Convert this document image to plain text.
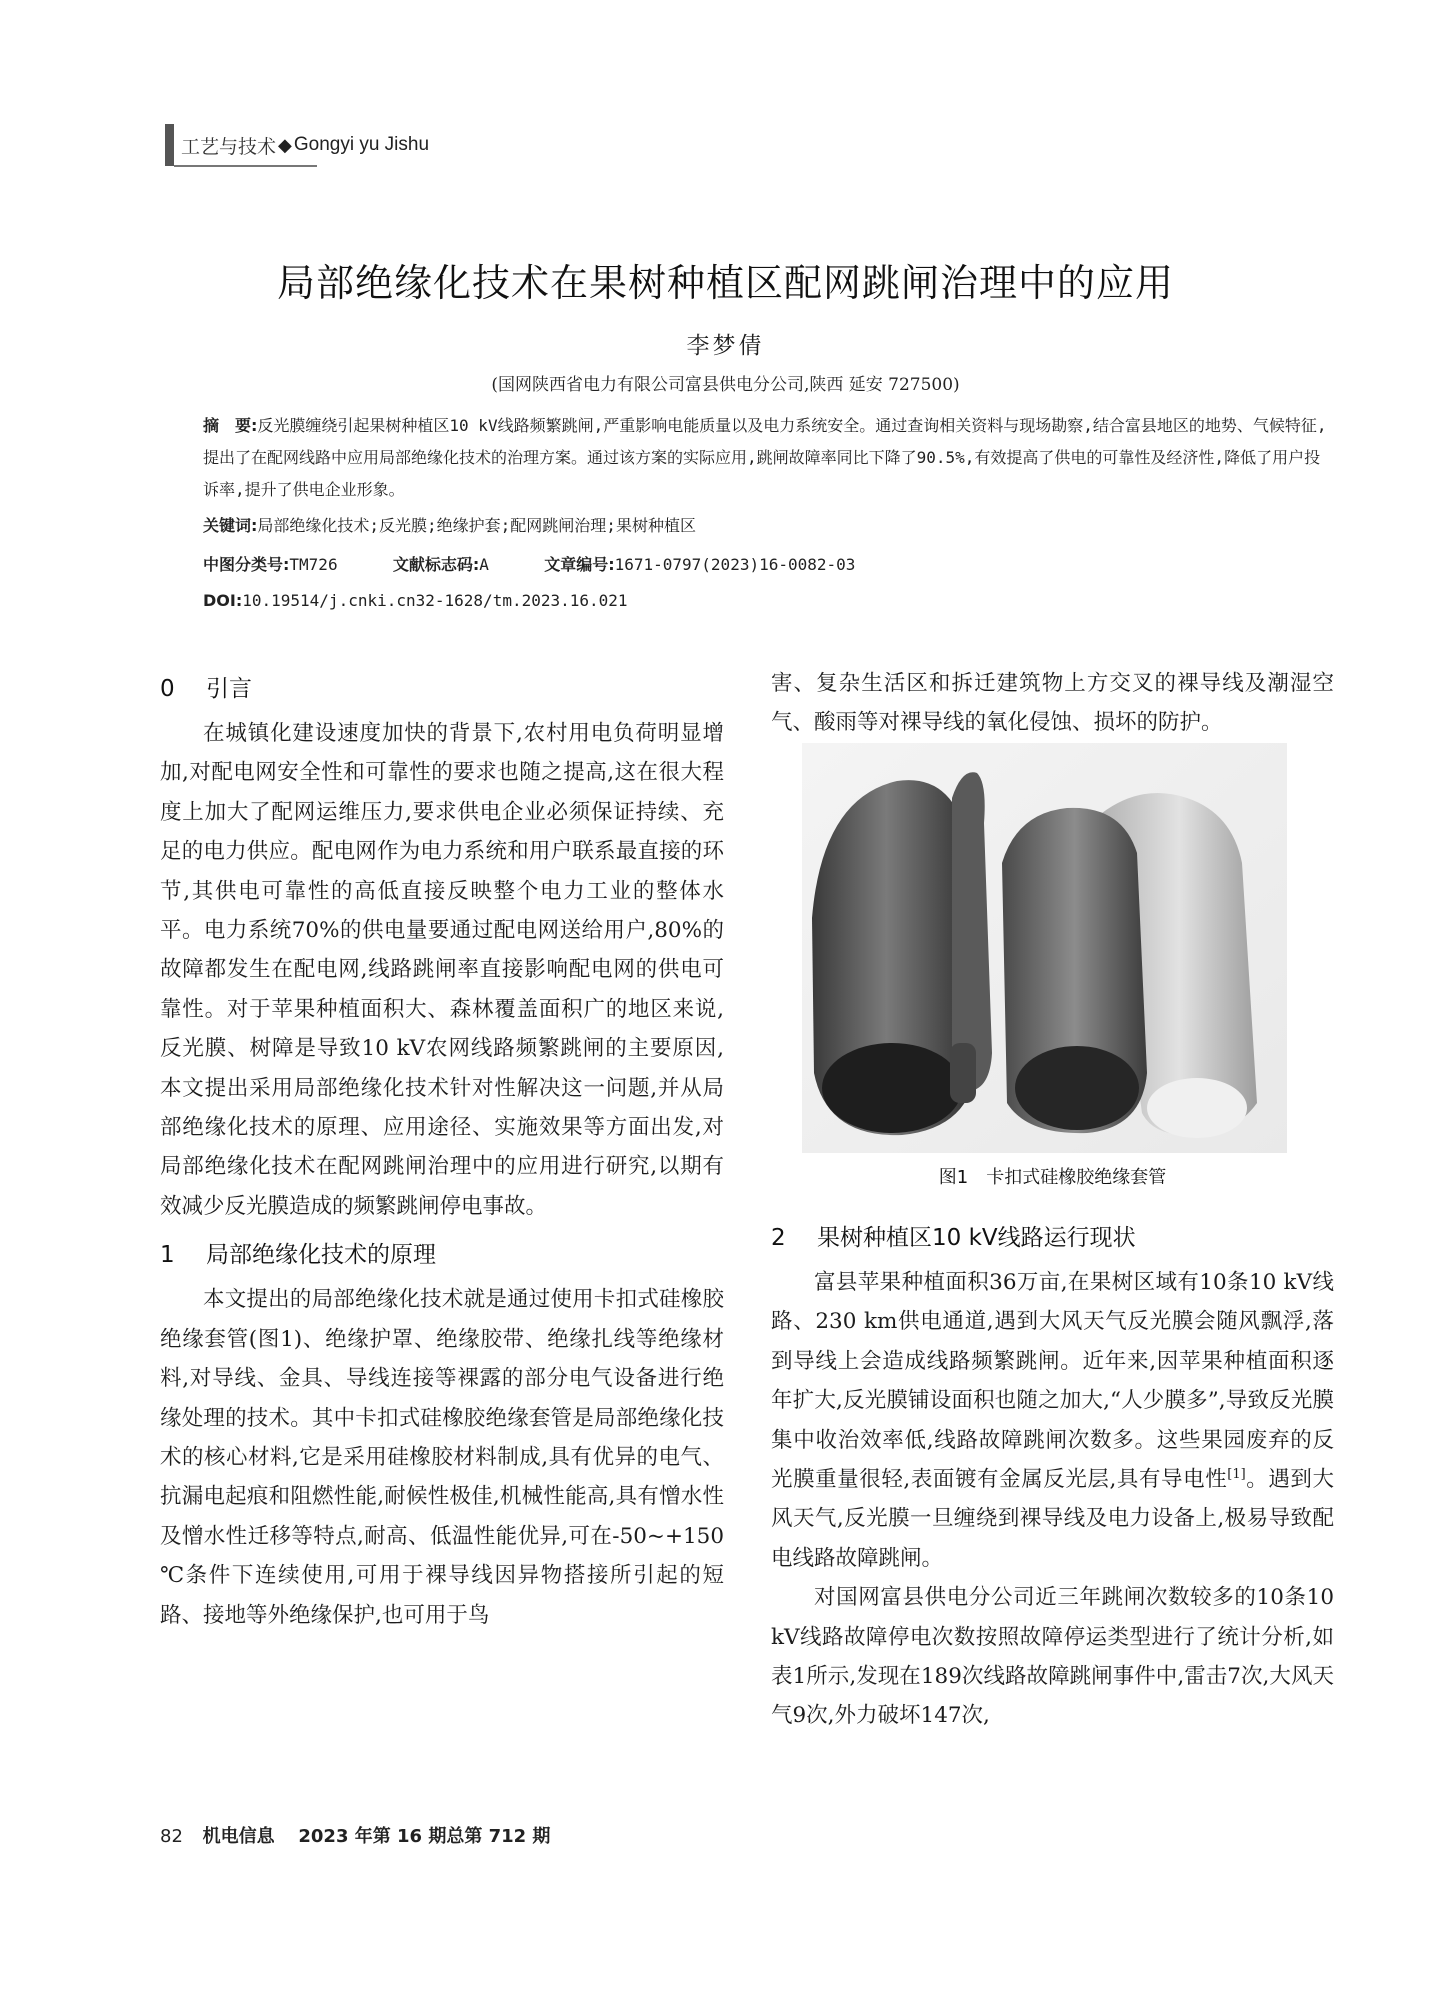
工艺与技术 ◆ Gongyi yu Jishu
局部绝缘化技术在果树种植区配网跳闸治理中的应用
李梦倩
(国网陕西省电力有限公司富县供电分公司,陕西 延安 727500)
摘　要:反光膜缠绕引起果树种植区10 kV线路频繁跳闸,严重影响电能质量以及电力系统安全。通过查询相关资料与现场勘察,结合富县地区的地势、气候特征,提出了在配网线路中应用局部绝缘化技术的治理方案。通过该方案的实际应用,跳闸故障率同比下降了90.5%,有效提高了供电的可靠性及经济性,降低了用户投诉率,提升了供电企业形象。
关键词:局部绝缘化技术;反光膜;绝缘护套;配网跳闸治理;果树种植区
中图分类号:TM726	文献标志码:A	文章编号:1671-0797(2023)16-0082-03
DOI:10.19514/j.cnki.cn32-1628/tm.2023.16.021
0 引言

在城镇化建设速度加快的背景下,农村用电负荷明显增加,对配电网安全性和可靠性的要求也随之提高,这在很大程度上加大了配网运维压力,要求供电企业必须保证持续、充足的电力供应。配电网作为电力系统和用户联系最直接的环节,其供电可靠性的高低直接反映整个电力工业的整体水平。电力系统70%的供电量要通过配电网送给用户,80%的故障都发生在配电网,线路跳闸率直接影响配电网的供电可靠性。对于苹果种植面积大、森林覆盖面积广的地区来说,反光膜、树障是导致10 kV农网线路频繁跳闸的主要原因,本文提出采用局部绝缘化技术针对性解决这一问题,并从局部绝缘化技术的原理、应用途径、实施效果等方面出发,对局部绝缘化技术在配网跳闸治理中的应用进行研究,以期有效减少反光膜造成的频繁跳闸停电事故。

1 局部绝缘化技术的原理

本文提出的局部绝缘化技术就是通过使用卡扣式硅橡胶绝缘套管(图1)、绝缘护罩、绝缘胶带、绝缘扎线等绝缘材料,对导线、金具、导线连接等裸露的部分电气设备进行绝缘处理的技术。其中卡扣式硅橡胶绝缘套管是局部绝缘化技术的核心材料,它是采用硅橡胶材料制成,具有优异的电气、抗漏电起痕和阻燃性能,耐候性极佳,机械性能高,具有憎水性及憎水性迁移等特点,耐高、低温性能优异,可在-50~+150 ℃条件下连续使用,可用于裸导线因异物搭接所引起的短路、接地等外绝缘保护,也可用于鸟

害、复杂生活区和拆迁建筑物上方交叉的裸导线及潮湿空气、酸雨等对裸导线的氧化侵蚀、损坏的防护。

图1　卡扣式硅橡胶绝缘套管
2 果树种植区10 kV线路运行现状

富县苹果种植面积36万亩,在果树区域有10条10 kV线路、230 km供电通道,遇到大风天气反光膜会随风飘浮,落到导线上会造成线路频繁跳闸。近年来,因苹果种植面积逐年扩大,反光膜铺设面积也随之加大,“人少膜多”,导致反光膜集中收治效率低,线路故障跳闸次数多。这些果园废弃的反光膜重量很轻,表面镀有金属反光层,具有导电性[1]。遇到大风天气,反光膜一旦缠绕到裸导线及电力设备上,极易导致配电线路故障跳闸。

对国网富县供电分公司近三年跳闸次数较多的10条10 kV线路故障停电次数按照故障停运类型进行了统计分析,如表1所示,发现在189次线路故障跳闸事件中,雷击7次,大风天气9次,外力破坏147次,

82 机电信息 2023 年第 16 期总第 712 期
